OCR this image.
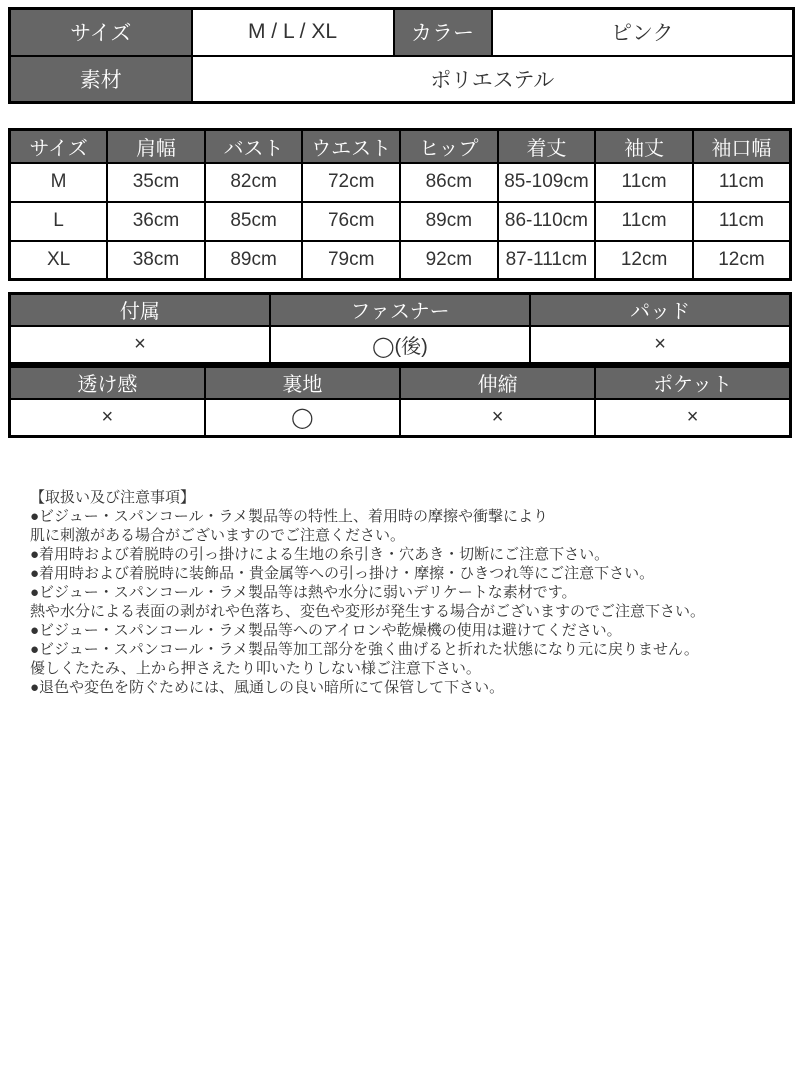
サイズ	M / L / XL	カラー	ピンク
素材	ポリエステル		
サイズ	肩幅	バスト	ウエスト	ヒップ	着丈	袖丈	袖口幅
M	35cm	82cm	72cm	86cm	85-109cm	11cm	11cm
L	36cm	85cm	76cm	89cm	86-110cm	11cm	11cm
XL	38cm	89cm	79cm	92cm	87-111cm	12cm	12cm
付属	ファスナー	パッド
×	◯(後)	×
透け感	裏地	伸縮	ポケット
×	◯	×	×
【取扱い及び注意事項】
●ビジュー・スパンコール・ラメ製品等の特性上、着用時の摩擦や衝撃により
肌に刺激がある場合がございますのでご注意ください。
●着用時および着脱時の引っ掛けによる生地の糸引き・穴あき・切断にご注意下さい。
●着用時および着脱時に装飾品・貴金属等への引っ掛け・摩擦・ひきつれ等にご注意下さい。
●ビジュー・スパンコール・ラメ製品等は熱や水分に弱いデリケートな素材です。
熱や水分による表面の剥がれや色落ち、変色や変形が発生する場合がございますのでご注意下さい。
●ビジュー・スパンコール・ラメ製品等へのアイロンや乾燥機の使用は避けてください。
●ビジュー・スパンコール・ラメ製品等加工部分を強く曲げると折れた状態になり元に戻りません。
優しくたたみ、上から押さえたり叩いたりしない様ご注意下さい。
●退色や変色を防ぐためには、風通しの良い暗所にて保管して下さい。
